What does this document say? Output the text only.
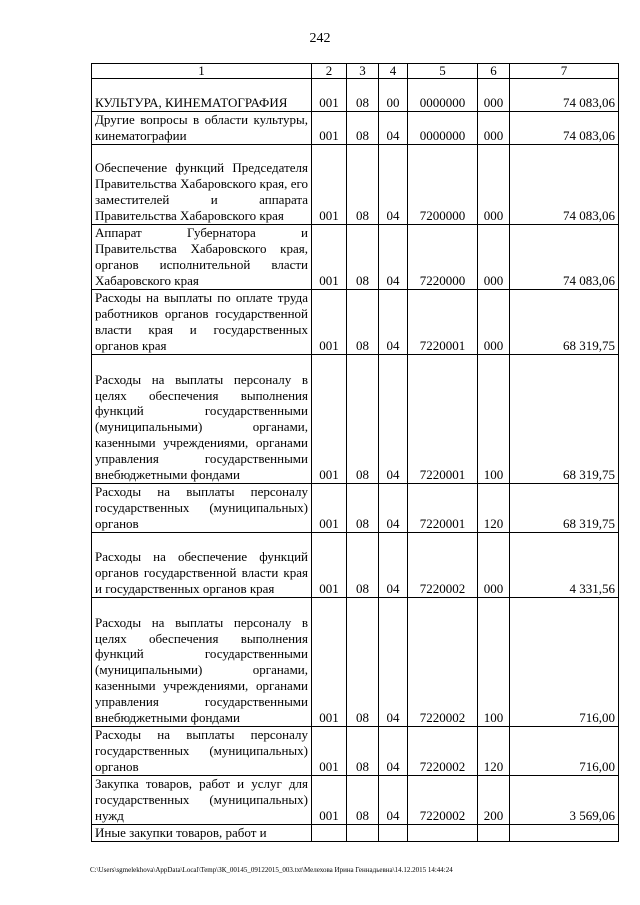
242
1	2	3	4	5	6	7
КУЛЬТУРА, КИНЕМАТОГРАФИЯ	001	08	00	0000000	000	74 083,06
Другие вопросы в области культуры, кинематографии	001	08	04	0000000	000	74 083,06
Обеспечение функций Председателя Правительства Хабаровского края, его заместителей и аппарата Правительства Хабаровского края	001	08	04	7200000	000	74 083,06
Аппарат Губернатора и Правительства Хабаровского края, органов исполнительной власти Хабаровского края	001	08	04	7220000	000	74 083,06
Расходы на выплаты по оплате труда работников органов государственной власти края и государственных органов края	001	08	04	7220001	000	68 319,75
Расходы на выплаты персоналу в целях обеспечения выполнения функций государственными (муниципальными) органами, казенными учреждениями, органами управления государственными внебюджетными фондами	001	08	04	7220001	100	68 319,75
Расходы на выплаты персоналу государственных (муниципальных) органов	001	08	04	7220001	120	68 319,75
Расходы на обеспечение функций органов государственной власти края и государственных органов края	001	08	04	7220002	000	4 331,56
Расходы на выплаты персоналу в целях обеспечения выполнения функций государственными (муниципальными) органами, казенными учреждениями, органами управления государственными внебюджетными фондами	001	08	04	7220002	100	716,00
Расходы на выплаты персоналу государственных (муниципальных) органов	001	08	04	7220002	120	716,00
Закупка товаров, работ и услуг для государственных (муниципальных) нужд	001	08	04	7220002	200	3 569,06
Иные закупки товаров, работ и						
C:\Users\sgmelekhova\AppData\Local\Temp\ЗК_00145_09122015_003.txt\Мелехова Ирина Геннадьевна\14.12.2015 14:44:24
